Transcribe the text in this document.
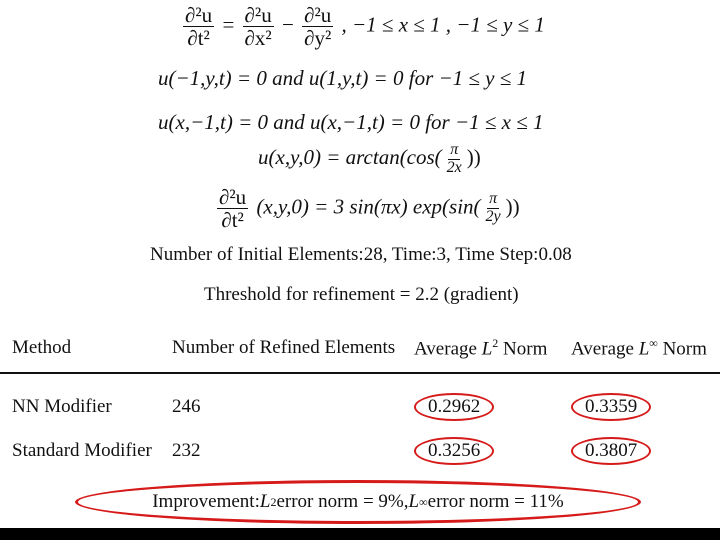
$\frac{\text{∂²u}}{\text{∂t²}} = \frac{\text{∂²u}}{\text{∂x²}} - \frac{\text{∂²u}}{\text{∂y²}}$ , −1 ≤ x ≤ 1 , −1 ≤ y ≤ 1
u(−1,y,t) = 0 and u(1,y,t) = 0 for −1 ≤ y ≤ 1
u(x,−1,t) = 0 and u(x,−1,t) = 0 for −1 ≤ x ≤ 1
$u(x,y,0) = \arctan(\cos( \frac{\pi}{2x}$ ))
$\frac{\text{∂²u}}{\text{∂t²}} (x,y,0) = 3$ sin(πx) $\exp(\sin( \frac{\pi}{2y}$ ))
Number of Initial Elements:28, Time:3, Time Step:0.08
Threshold for refinement = 2.2 (gradient)
Method	Number of Refined Elements	Average $L^2$ Norm	Average L∞ Norm

NN Modifier	246	0.2962	0.3359
Standard Modifier	232	0.3256	0.3807
Improvement: L 2 error norm = 9%, L ∞ error norm = 11%
